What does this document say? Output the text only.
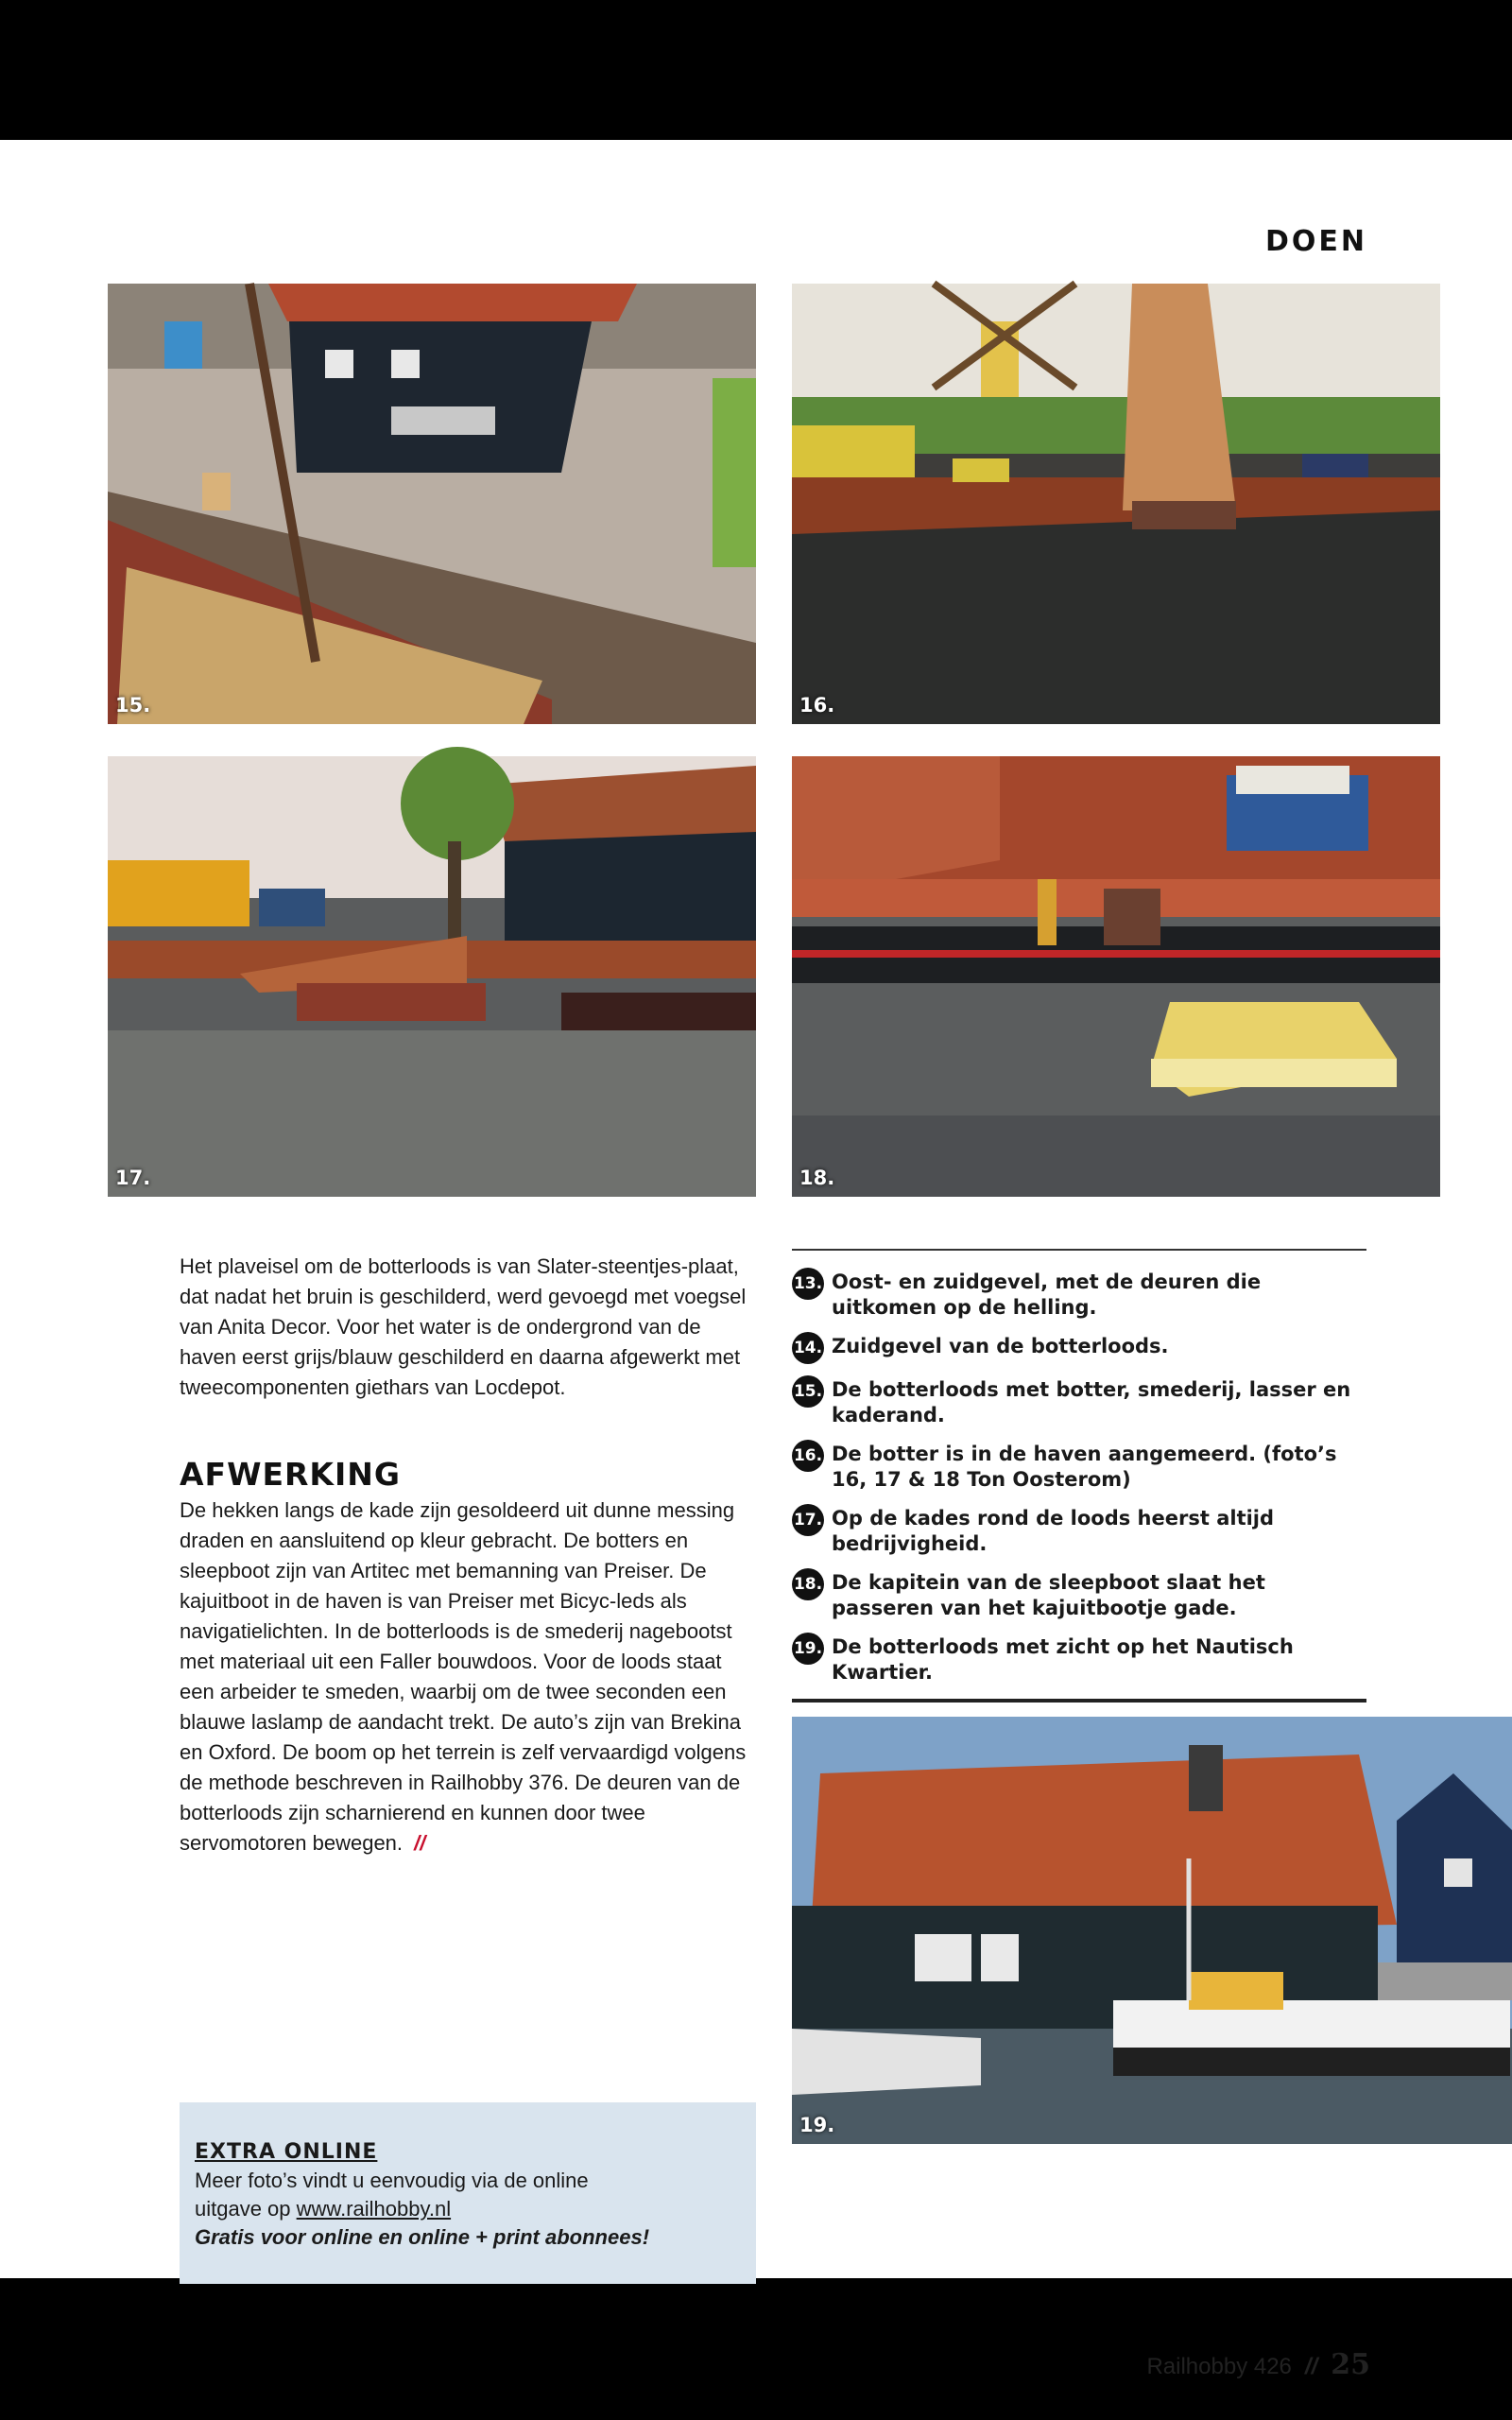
DOEN
15.	16.
17.	18.
Het plaveisel om de botterloods is van Slater-steentjes-plaat, dat nadat het bruin is geschilderd, werd gevoegd met voegsel van Anita Decor. Voor het water is de ondergrond van de haven eerst grijs/blauw geschilderd en daarna afgewerkt met tweecomponenten giethars van Locdepot.
AFWERKING
De hekken langs de kade zijn gesoldeerd uit dunne messing draden en aansluitend op kleur gebracht. De botters en sleepboot zijn van Artitec met bemanning van Preiser. De kajuitboot in de haven is van Preiser met Bicyc-leds als navigatielichten. In de botterloods is de smederij nagebootst met materiaal uit een Faller bouwdoos. Voor de loods staat een arbeider te smeden, waarbij om de twee seconden een blauwe laslamp de aandacht trekt. De auto’s zijn van Brekina en Oxford. De boom op het terrein is zelf vervaardigd volgens de methode beschreven in Railhobby 376. De deuren van de botterloods zijn scharnierend en kunnen door twee servomotoren bewegen. //
13. Oost- en zuidgevel, met de deuren die uitkomen op de helling.
14. Zuidgevel van de botterloods.
15. De botterloods met botter, smederij, lasser en kaderand.
16. De botter is in de haven aangemeerd. (foto’s 16, 17 & 18 Ton Oosterom)
17. Op de kades rond de loods heerst altijd bedrijvigheid.
18. De kapitein van de sleepboot slaat het passeren van het kajuitbootje gade.
19. De botterloods met zicht op het Nautisch Kwartier.
19.
EXTRA ONLINE
Meer foto’s vindt u eenvoudig via de online
uitgave op www.railhobby.nl
Gratis voor online en online + print abonnees!
Railhobby 426 // 25
